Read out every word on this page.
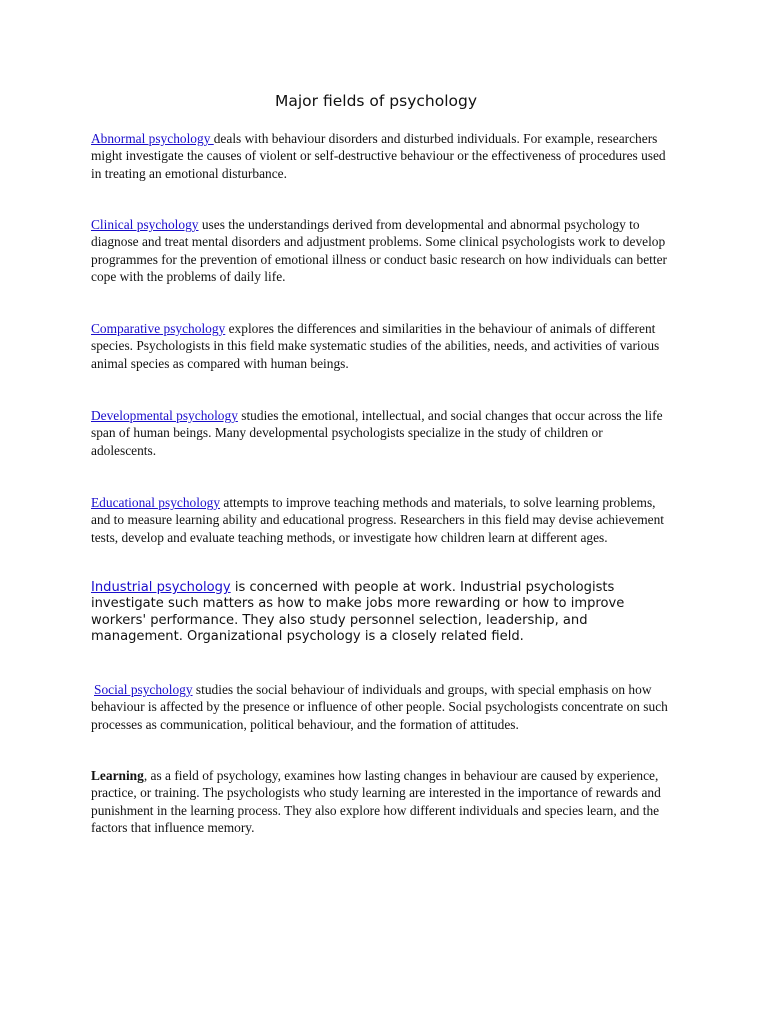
Major fields of psychology

Abnormal psychology deals with behaviour disorders and disturbed individuals. For example, researchers might investigate the causes of violent or self-destructive behaviour or the effectiveness of procedures used in treating an emotional disturbance.

Clinical psychology uses the understandings derived from developmental and abnormal psychology to diagnose and treat mental disorders and adjustment problems. Some clinical psychologists work to develop programmes for the prevention of emotional illness or conduct basic research on how individuals can better cope with the problems of daily life.

Comparative psychology explores the differences and similarities in the behaviour of animals of different species. Psychologists in this field make systematic studies of the abilities, needs, and activities of various animal species as compared with human beings.

Developmental psychology studies the emotional, intellectual, and social changes that occur across the life span of human beings. Many developmental psychologists specialize in the study of children or adolescents.

Educational psychology attempts to improve teaching methods and materials, to solve learning problems, and to measure learning ability and educational progress. Researchers in this field may devise achievement tests, develop and evaluate teaching methods, or investigate how children learn at different ages.

Industrial psychology is concerned with people at work. Industrial psychologists investigate such matters as how to make jobs more rewarding or how to improve workers' performance. They also study personnel selection, leadership, and management. Organizational psychology is a closely related field.

Social psychology studies the social behaviour of individuals and groups, with special emphasis on how behaviour is affected by the presence or influence of other people. Social psychologists concentrate on such processes as communication, political behaviour, and the formation of attitudes.

Learning, as a field of psychology, examines how lasting changes in behaviour are caused by experience, practice, or training. The psychologists who study learning are interested in the importance of rewards and punishment in the learning process. They also explore how different individuals and species learn, and the factors that influence memory.
